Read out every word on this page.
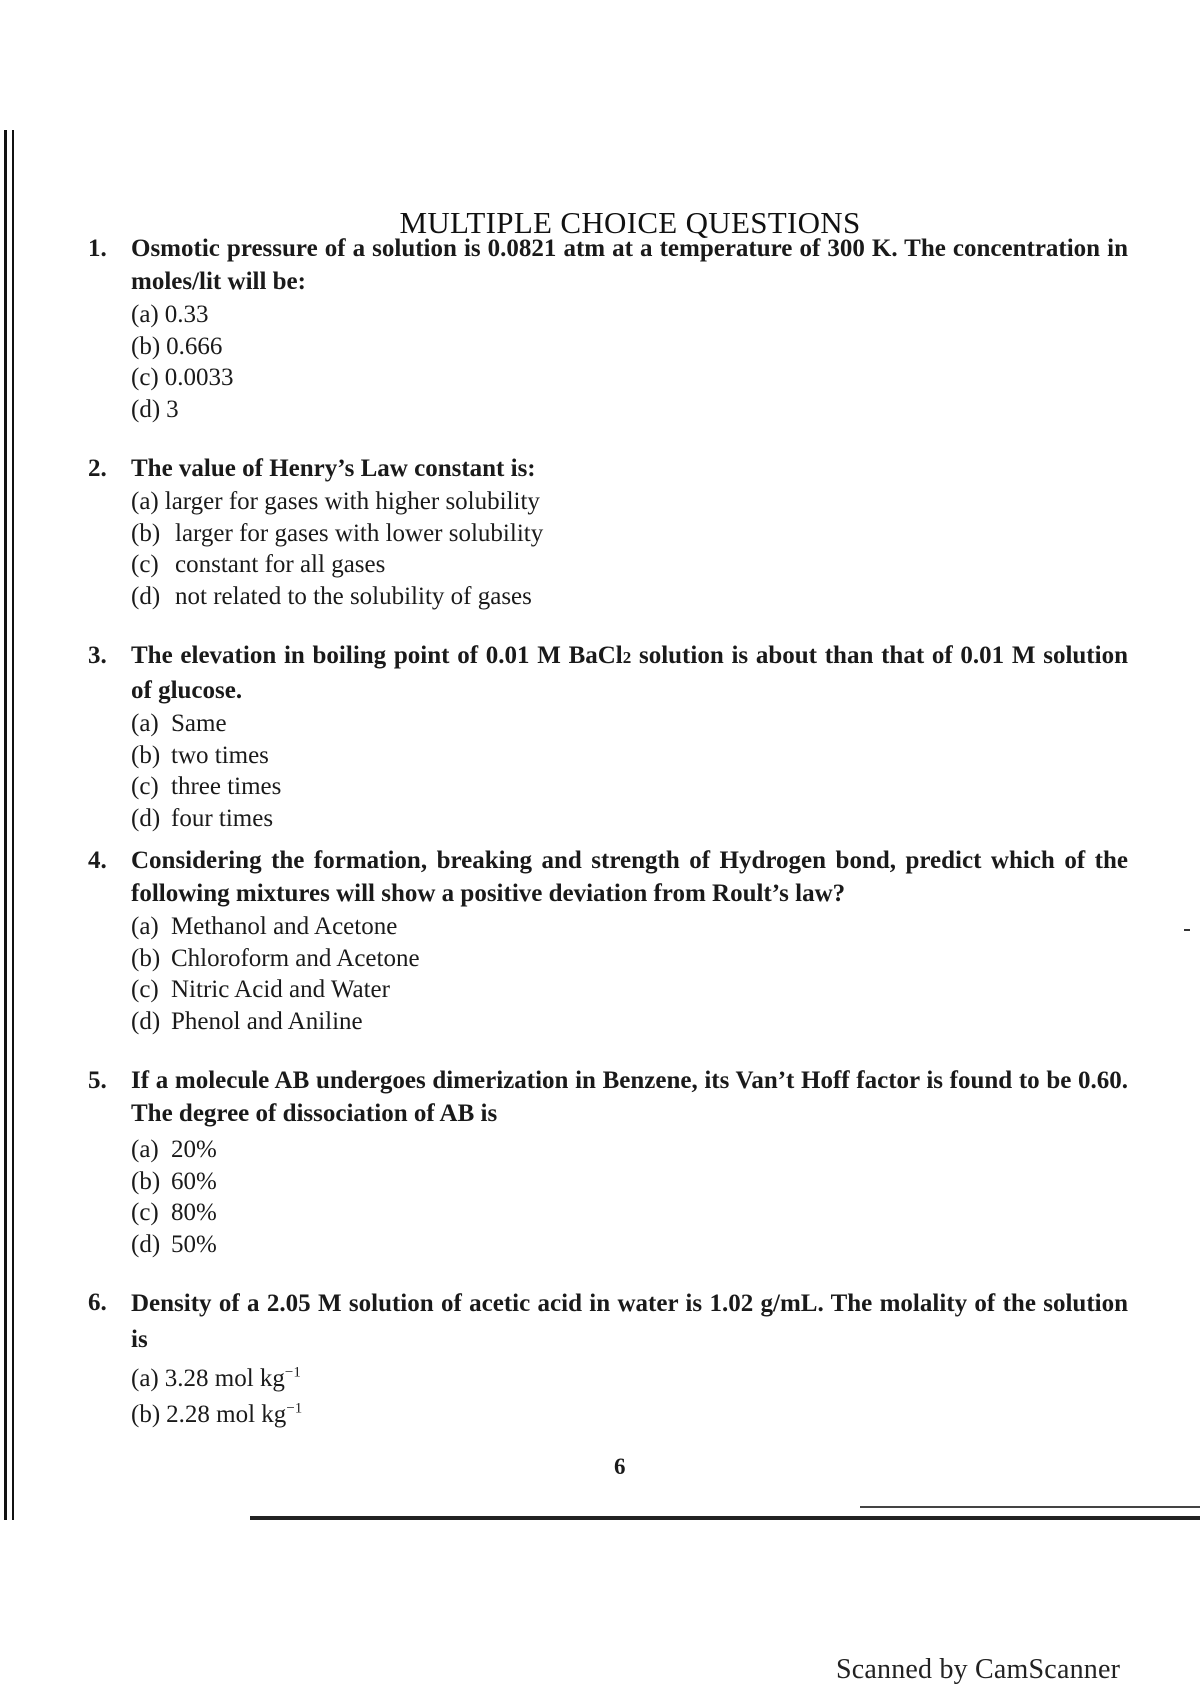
MULTIPLE CHOICE QUESTIONS
1. Osmotic pressure of a solution is 0.0821 atm at a temperature of 300 K. The concentration in moles/lit will be:

(a) 0.33
(b) 0.666
(c) 0.0033
(d) 3
2. The value of Henry’s Law constant is:

(a) larger for gases with higher solubility
(b) larger for gases with lower solubility
(c) constant for all gases
(d) not related to the solubility of gases
3. The elevation in boiling point of 0.01 M BaCl2 solution is about than that of 0.01 M solution of glucose.

(a) Same
(b) two times
(c) three times
(d) four times
4. Considering the formation, breaking and strength of Hydrogen bond, predict which of the following mixtures will show a positive deviation from Roult’s law?

(a) Methanol and Acetone
(b) Chloroform and Acetone
(c) Nitric Acid and Water
(d) Phenol and Aniline
5. If a molecule AB undergoes dimerization in Benzene, its Van’t Hoff factor is found to be 0.60. The degree of dissociation of AB is

(a) 20%
(b) 60%
(c) 80%
(d) 50%
6. Density of a 2.05 M solution of acetic acid in water is 1.02 g/mL. The molality of the solution is

(a) 3.28 mol $kg^{-1}$
(b) 2.28 mol $kg^{-1}$
6
Scanned by CamScanner
